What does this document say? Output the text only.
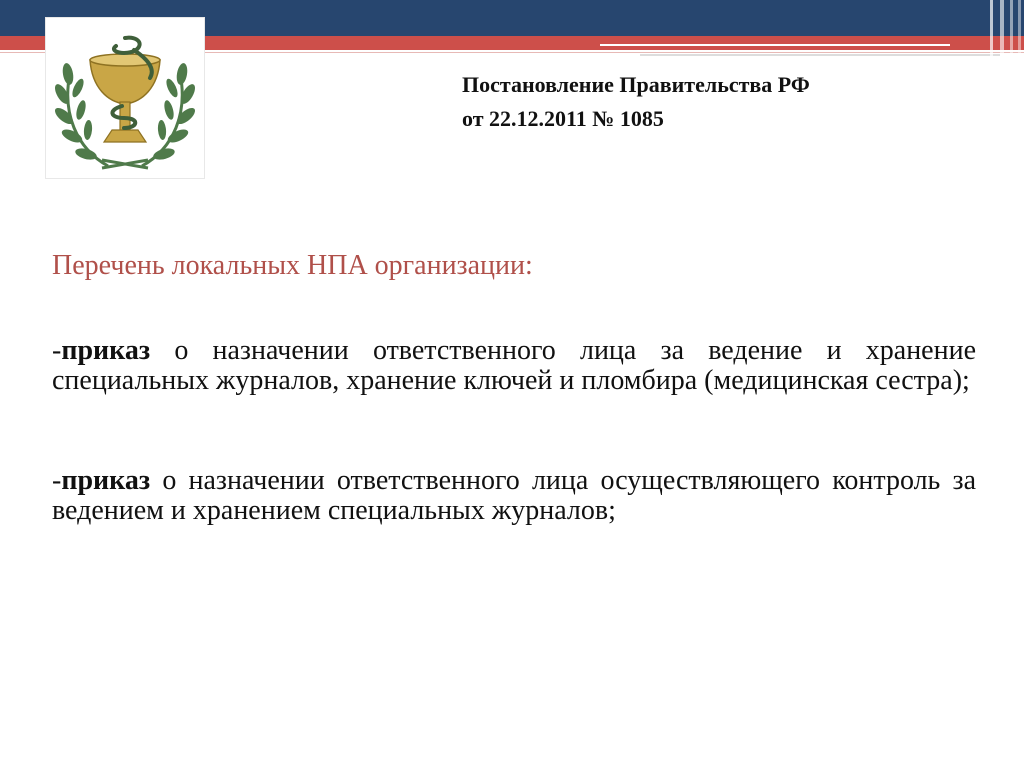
Постановление Правительства РФ
от 22.12.2011 № 1085
Перечень локальных НПА организации:
-приказ о назначении ответственного лица за ведение и хранение специальных журналов, хранение ключей и пломбира (медицинская сестра);
-приказ о назначении ответственного лица осуществляющего контроль за ведением и хранением специальных журналов;
